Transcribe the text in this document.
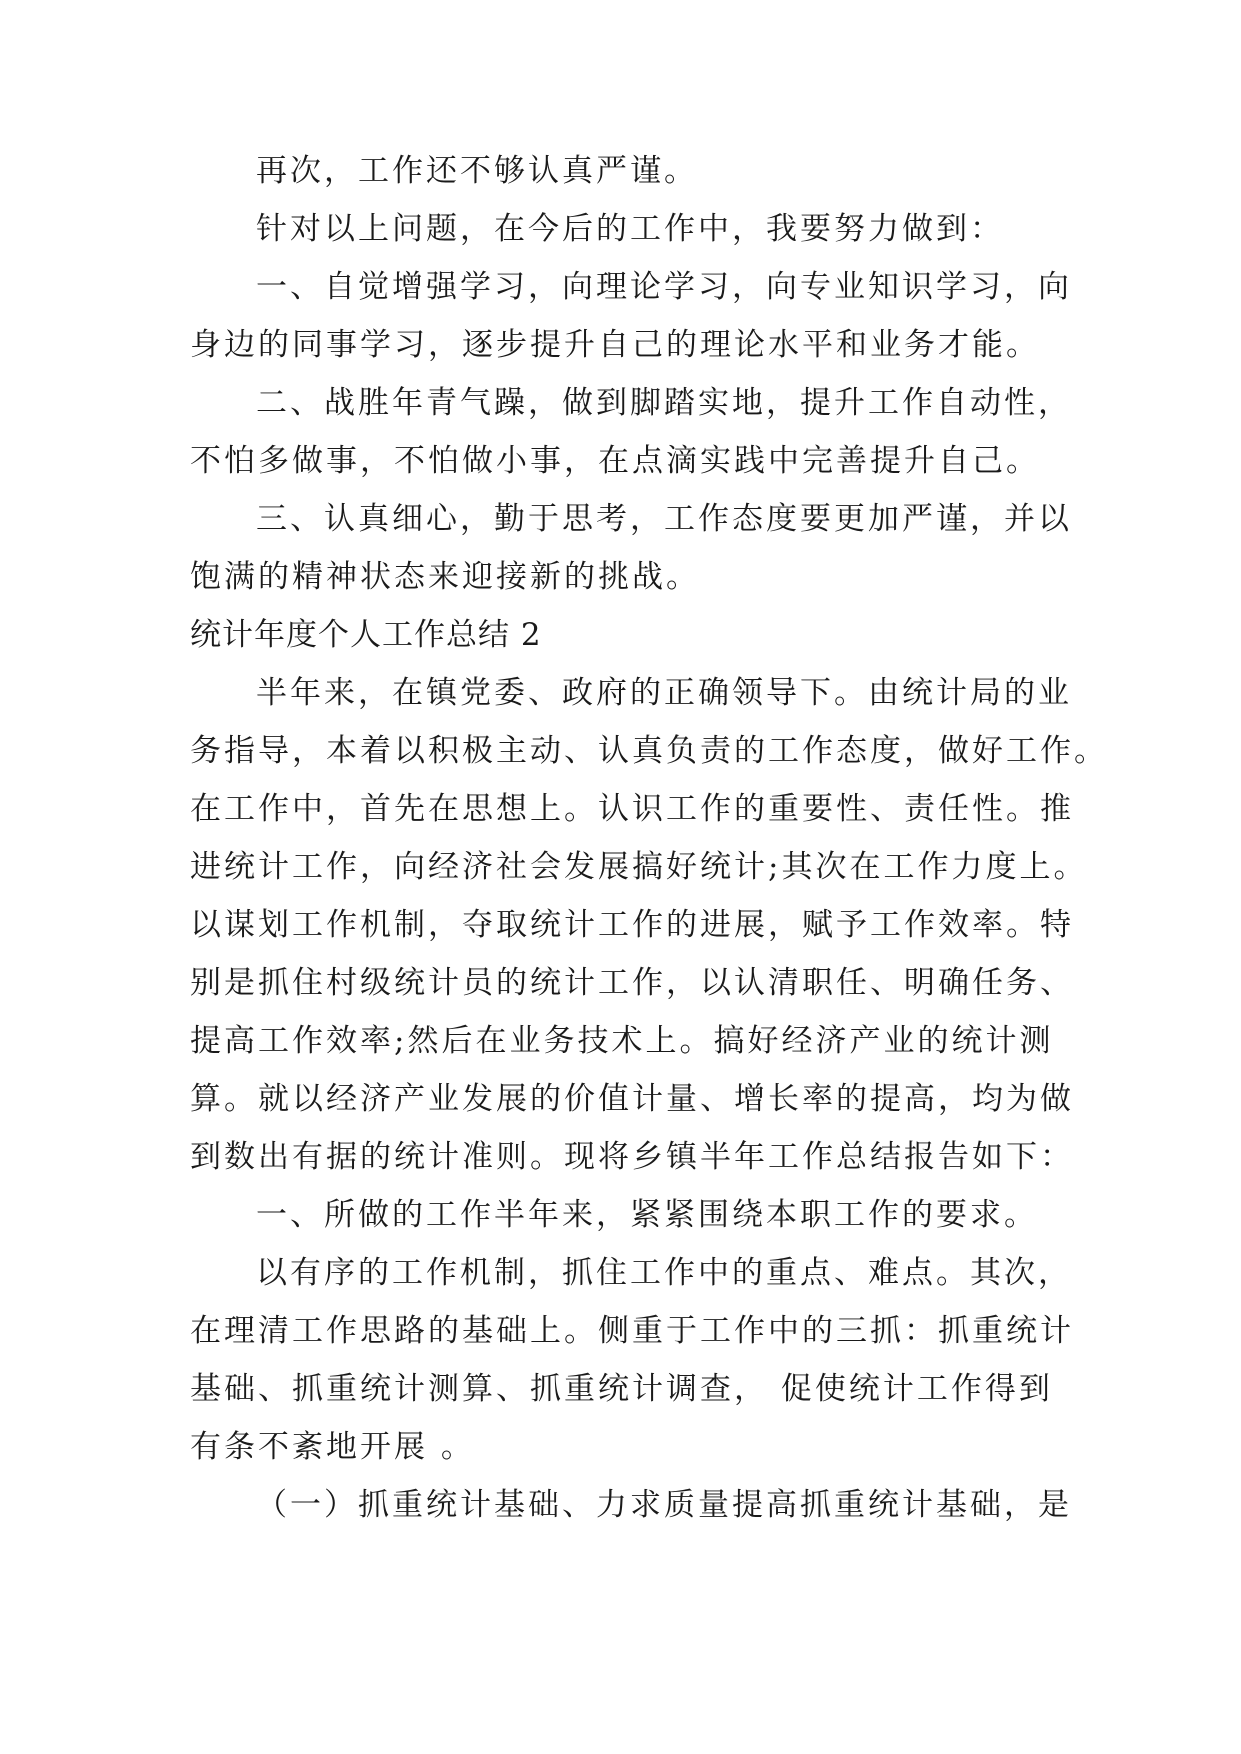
再次，工作还不够认真严谨。
针对以上问题，在今后的工作中，我要努力做到：
一、自觉增强学习，向理论学习，向专业知识学习，向
身边的同事学习，逐步提升自己的理论水平和业务才能。
二、战胜年青气躁，做到脚踏实地，提升工作自动性，
不怕多做事，不怕做小事，在点滴实践中完善提升自己。
三、认真细心，勤于思考，工作态度要更加严谨，并以
饱满的精神状态来迎接新的挑战。
统计年度个人工作总结 2
半年来，在镇党委、政府的正确领导下。由统计局的业
务指导，本着以积极主动、认真负责的工作态度，做好工作。
在工作中，首先在思想上。认识工作的重要性、责任性。推
进统计工作，向经济社会发展搞好统计;其次在工作力度上。
以谋划工作机制，夺取统计工作的进展，赋予工作效率。特
别是抓住村级统计员的统计工作，以认清职任、明确任务、
提高工作效率;然后在业务技术上。搞好经济产业的统计测
算。就以经济产业发展的价值计量、增长率的提高，均为做
到数出有据的统计准则。现将乡镇半年工作总结报告如下：
一、所做的工作半年来，紧紧围绕本职工作的要求。
以有序的工作机制，抓住工作中的重点、难点。其次，
在理清工作思路的基础上。侧重于工作中的三抓：抓重统计
基础、抓重统计测算、抓重统计调查， 促使统计工作得到
有条不紊地开展 。
（一）抓重统计基础、力求质量提高抓重统计基础，是
